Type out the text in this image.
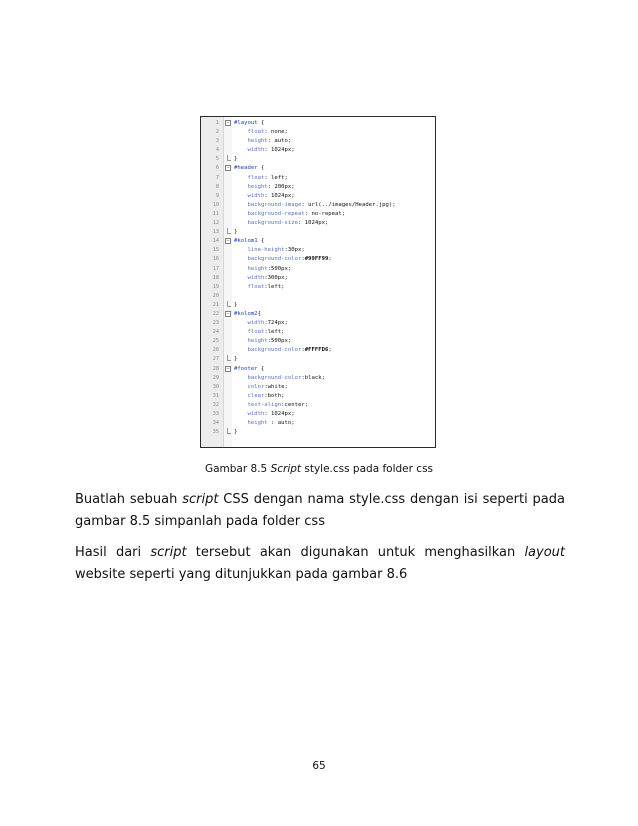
1 − #layout {
2	float: none;
3	height: auto;
4	width: 1024px;
5	}
6 − #header {
7	float: left;
8	height: 200px;
9	width: 1024px;
10	background-image: url(../images/Header.jpg);
11	background-repeat: no-repeat;
12	background-size: 1024px;
13	}
14 − #kolom1 {
15	line-height:30px;
16	background-color:#99FF99;
17	height:500px;
18	width:300px;
19	float:left;
20
21	}
22 − #kolom2{
23	width:724px;
24	float:left;
25	height:500px;
26	background-color:#FFFFD6;
27	}
28 − #footer {
29	background-color:black;
30	color:white;
31	clear:both;
32	text-align:center;
33	width: 1024px;
34	height : auto;
35	}
Gambar 8.5 Script style.css pada folder css

Buatlah sebuah script CSS dengan nama style.css dengan isi seperti pada gambar 8.5 simpanlah pada folder css

Hasil dari script tersebut akan digunakan untuk menghasilkan layout website seperti yang ditunjukkan pada gambar 8.6

65
